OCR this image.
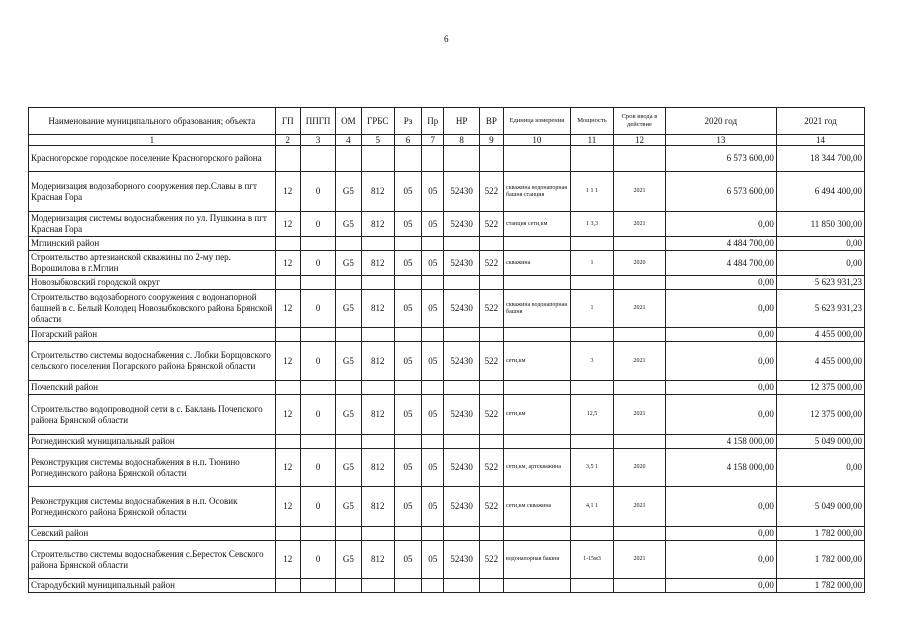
6
Наименование муниципального образования; объекта	ГП	ППГП	ОМ	ГРБС	Рз	Пр	НР	ВР	Единица измерения	Мощность	Срок ввода в действие	2020 год	2021 год
1	2	3	4	5	6	7	8	9	10	11	12	13	14
Красногорское городское поселение Красногорского района												6 573 600,00	18 344 700,00
Модернизация водозаборного сооружения пер.Славы в пгт Красная Гора	12	0	G5	812	05	05	52430	522	скважина водонапорная башня станция	1 1 1	2021	6 573 600,00	6 494 400,00
Модернизация системы водоснабжения по ул. Пушкина в пгт Красная Гора	12	0	G5	812	05	05	52430	522	станция сети,км	1 3,3	2021	0,00	11 850 300,00
Мглинский район												4 484 700,00	0,00
Строительство артезианской скважины по 2-му пер. Ворошилова в г.Мглин	12	0	G5	812	05	05	52430	522	скважина	1	2020	4 484 700,00	0,00
Новозыбковский городской округ												0,00	5 623 931,23
Строительство водозаборного сооружения с водонапорной башней в с. Белый Колодец Новозыбковского района Брянской области	12	0	G5	812	05	05	52430	522	скважина водонапорная башня	1	2021	0,00	5 623 931,23
Погарский район												0,00	4 455 000,00
Строительство системы водоснабжения с. Лобки Борщовского сельского поселения Погарского района Брянской области	12	0	G5	812	05	05	52430	522	сети,км	3	2021	0,00	4 455 000,00
Почепский район												0,00	12 375 000,00
Строительство водопроводной сети в с. Баклань Почепского района Брянской области	12	0	G5	812	05	05	52430	522	сети,км	12,5	2021	0,00	12 375 000,00
Рогнединский муниципальный район												4 158 000,00	5 049 000,00
Реконструкция системы водоснабжения в н.п. Тюнино Рогнединского района Брянской области	12	0	G5	812	05	05	52430	522	сети,км, артскважина	3,5 1	2020	4 158 000,00	0,00
Реконструкция системы водоснабжения в н.п. Осовик Рогнединского района Брянской области	12	0	G5	812	05	05	52430	522	сети,км скважина	4,1 1	2021	0,00	5 049 000,00
Севский район												0,00	1 782 000,00
Строительство системы водоснабжения с.Бересток Севского района Брянской области	12	0	G5	812	05	05	52430	522	водонапорная башня	1-15м3	2021	0,00	1 782 000,00
Стародубский муниципальный район												0,00	1 782 000,00
